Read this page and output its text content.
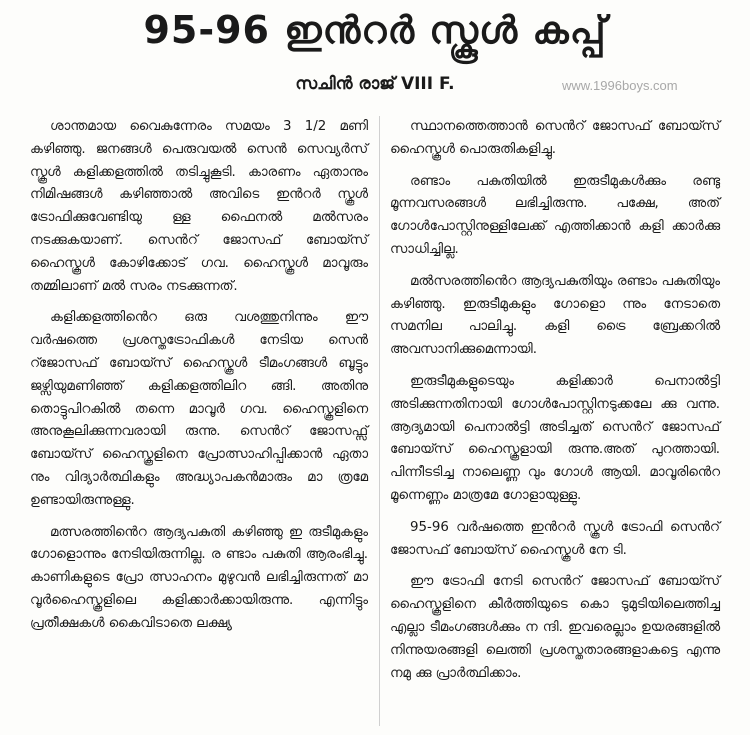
95-96 ഇൻറർ സ്കൂൾ കപ്പ്
സചിൻ രാജ് VIII F.	www.1996boys.com

ശാന്തമായ വൈകുന്നേരം സമയം 3 1/2 മണി കഴിഞ്ഞു. ജനങ്ങൾ പെരുവയൽ സെൻ സെവ്യർസ് സ്കൂൾ കളിക്കളത്തിൽ തടിച്ചുകൂടി. കാരണം ഏതാനും നിമിഷങ്ങൾ കഴിഞ്ഞാൽ അവിടെ ഇൻറർ സ്കൂൾ ട്രോഫിക്കുവേണ്ടിയു ള്ള ഫൈനൽ മൽസരം നടക്കുകയാണ്. സെൻറ് ജോസഫ് ബോയ്സ് ഹൈസ്കൂൾ കോഴിക്കോട് ഗവ. ഹൈസ്കൂൾ മാവൂരും തമ്മിലാണ് മൽ സരം നടക്കുന്നത്.

കളിക്കളത്തിൻെറ ഒരു വശത്തുനിന്നും ഈ വർഷത്തെ പ്രശസ്തട്രോഫികൾ നേടിയ സെൻ റ്ജോസഫ് ബോയ്സ് ഹൈസ്കൂൾ ടീമംഗങ്ങൾ ബൂട്ടും ജഴ്സിയുമണിഞ്ഞ് കളിക്കളത്തിലിറ ങ്ങി. അതിനു തൊട്ടുപിറകിൽ തന്നെ മാവൂർ ഗവ. ഹൈസ്കൂളിനെ അനുകൂലിക്കുന്നവരായി രുന്നു. സെൻറ് ജോസഫ്സ് ബോയ്സ് ഹൈസ്കൂളിനെ പ്രോത്സാഹിപ്പിക്കാൻ ഏതാ നും വിദ്യാർത്ഥികളും അദ്ധ്യാപകൻമാരും മാ ത്രമേ ഉണ്ടായിരുന്നുള്ളു.

മത്സരത്തിൻെറ ആദ്യപകുതി കഴിഞ്ഞു ഇ രുടീമുകളും ഗോളൊന്നും നേടിയിരുന്നില്ല. ര ണ്ടാം പകുതി ആരംഭിച്ചു. കാണികളുടെ പ്രോ ത്സാഹനം മുഴുവൻ ലഭിച്ചിരുന്നത് മാ വൂർഹൈസ്കൂളിലെ കളിക്കാർക്കായിരുന്നു. എന്നിട്ടും പ്രതീക്ഷകൾ കൈവിടാതെ ലക്ഷ്യ

സ്ഥാനത്തെത്താൻ സെൻറ് ജോസഫ് ബോയ്സ് ഹൈസ്കൂൾ പൊരുതികളിച്ചു.

രണ്ടാം പകുതിയിൽ ഇരുടീമുകൾക്കും രണ്ടു മൂന്നവസരങ്ങൾ ലഭിച്ചിരുന്നു. പക്ഷേ, അത് ഗോൾപോസ്റ്റിനുള്ളിലേക്ക് എത്തിക്കാൻ കളി ക്കാർക്കു സാധിച്ചില്ല.

മൽസരത്തിൻെറ ആദ്യപകുതിയും രണ്ടാം പകുതിയും കഴിഞ്ഞു. ഇരുടീമുകളും ഗോളൊ ന്നും നേടാതെ സമനില പാലിച്ചു. കളി ട്രൈ ബ്രേക്കറിൽ അവസാനിക്കുമെന്നായി.

ഇരുടീമുകളുടെയും കളിക്കാർ പെനാൽട്ടി അടിക്കുന്നതിനായി ഗോൾപോസ്റ്റിനടുക്കലേ ക്കു വന്നു. ആദ്യമായി പെനാൽട്ടി അടിച്ചത് സെൻറ് ജോസഫ് ബോയ്സ് ഹൈസ്കൂളായി രുന്നു.അത് പുറത്തായി. പിന്നീടടിച്ച നാലെണ്ണ വും ഗോൾ ആയി. മാവൂരിൻെറ മൂന്നെണ്ണം മാത്രമേ ഗോളായുള്ളു.

95-96 വർഷത്തെ ഇൻറർ സ്കൂൾ ട്രോഫി സെൻറ് ജോസഫ് ബോയ്സ് ഹൈസ്കൂൾ നേ ടി.

ഈ ട്രോഫി നേടി സെൻറ് ജോസഫ് ബോയ്സ് ഹൈസ്കൂളിനെ കീർത്തിയുടെ കൊ ടുമുടിയിലെത്തിച്ച എല്ലാ ടീമംഗങ്ങൾക്കും ന ന്ദി. ഇവരെല്ലാം ഉയരങ്ങളിൽ നിന്നുയരങ്ങളി ലെത്തി പ്രശസ്തതാരങ്ങളാകട്ടെ എന്നു നമു ക്കു പ്രാർത്ഥിക്കാം.
